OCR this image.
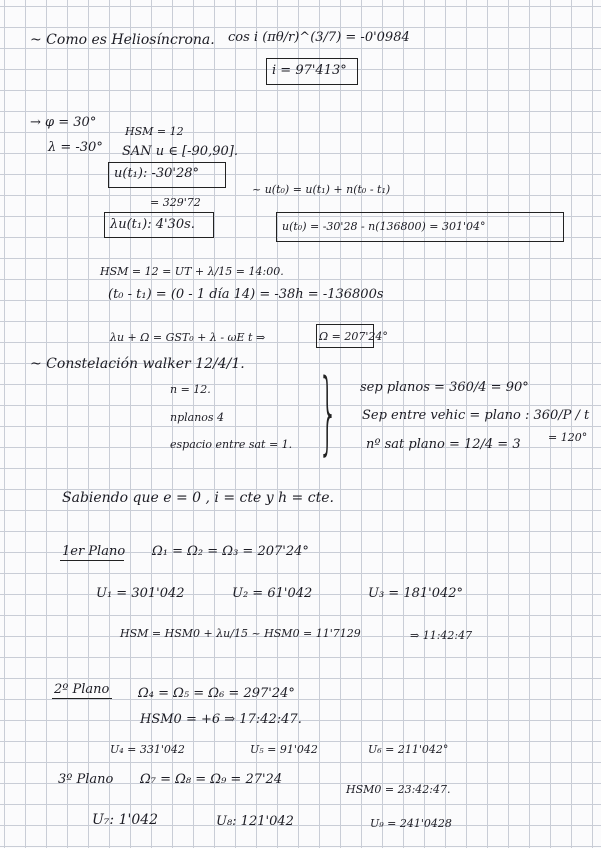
~ Como es Heliosíncrona. cos i (πθ/r)^(3/7) = -0'0984
i = 97'413°
→ φ = 30°
λ = -30°
HSM = 12
SAN u ∈ [-90,90].
u(t₁): -30'28°
= 329'72
~ u(t₀) = u(t₁) + n(t₀ - t₁)
λu(t₁): 4'30s.	u(t₀) = -30'28 - n(136800) = 301'04°
HSM = 12 = UT + λ/15 = 14:00.
(t₀ - t₁) = (0 - 1 día 14) = -38h = -136800s
λu + Ω = GST₀ + λ - ωE t ⇒	Ω = 207'24°
~ Constelación walker 12/4/1.
n = 12.
nplanos 4
espacio entre sat = 1. } sep planos = 360/4 = 90°
Sep entre vehic = plano : 360/P / t
= 120°
nº sat plano = 12/4 = 3
Sabiendo que e = 0 , i = cte y h = cte.
1er Plano Ω₁ = Ω₂ = Ω₃ = 207'24°
U₁ = 301'042	U₂ = 61'042	U₃ = 181'042°
HSM = HSM0 + λu/15 ~ HSM0 = 11'7129	⇒ 11:42:47
2º Plano Ω₄ = Ω₅ = Ω₆ = 297'24°
HSM0 = +6 ⇒ 17:42:47.
U₄ = 331'042	U₅ = 91'042	U₆ = 211'042°
3º Plano Ω₇ = Ω₈ = Ω₉ = 27'24
HSM0 = 23:42:47.
U₇: 1'042	U₈: 121'042	U₉ = 241'0428
